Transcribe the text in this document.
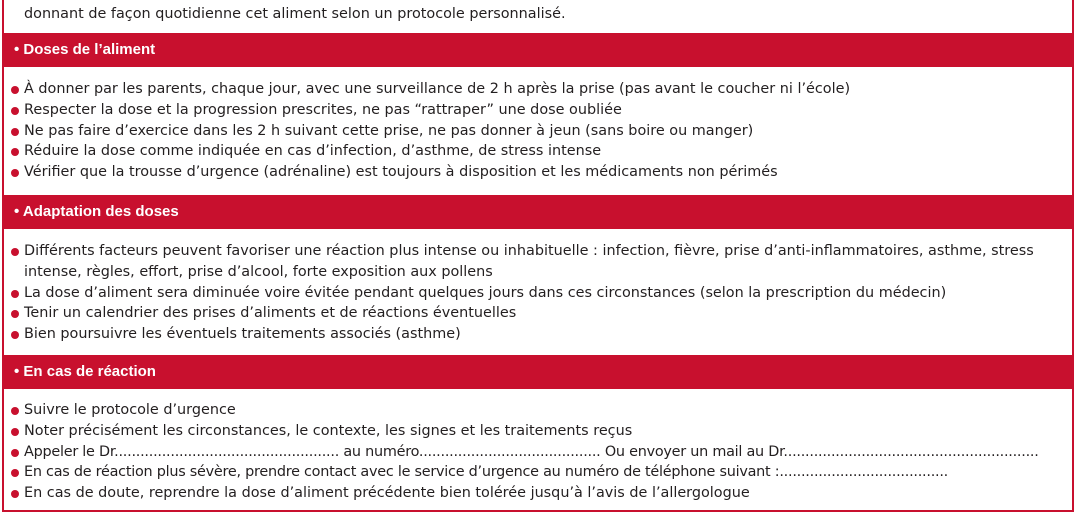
donnant de façon quotidienne cet aliment selon un protocole personnalisé.
• Doses de l’aliment
À donner par les parents, chaque jour, avec une surveillance de 2 h après la prise (pas avant le coucher ni l’école)
Respecter la dose et la progression prescrites, ne pas “rattraper” une dose oubliée
Ne pas faire d’exercice dans les 2 h suivant cette prise, ne pas donner à jeun (sans boire ou manger)
Réduire la dose comme indiquée en cas d’infection, d’asthme, de stress intense
Vérifier que la trousse d’urgence (adrénaline) est toujours à disposition et les médicaments non périmés
• Adaptation des doses
Différents facteurs peuvent favoriser une réaction plus intense ou inhabituelle : infection, fièvre, prise d’anti-inflammatoires, asthme, stress intense, règles, effort, prise d’alcool, forte exposition aux pollens
La dose d’aliment sera diminuée voire évitée pendant quelques jours dans ces circonstances (selon la prescription du médecin)
Tenir un calendrier des prises d’aliments et de réactions éventuelles
Bien poursuivre les éventuels traitements associés (asthme)
• En cas de réaction
Suivre le protocole d’urgence
Noter précisément les circonstances, le contexte, les signes et les traitements reçus
Appeler le Dr.................................................... au numéro.......................................... Ou envoyer un mail au Dr...........................................................
En cas de réaction plus sévère, prendre contact avec le service d’urgence au numéro de téléphone suivant :.......................................
En cas de doute, reprendre la dose d’aliment précédente bien tolérée jusqu’à l’avis de l’allergologue
